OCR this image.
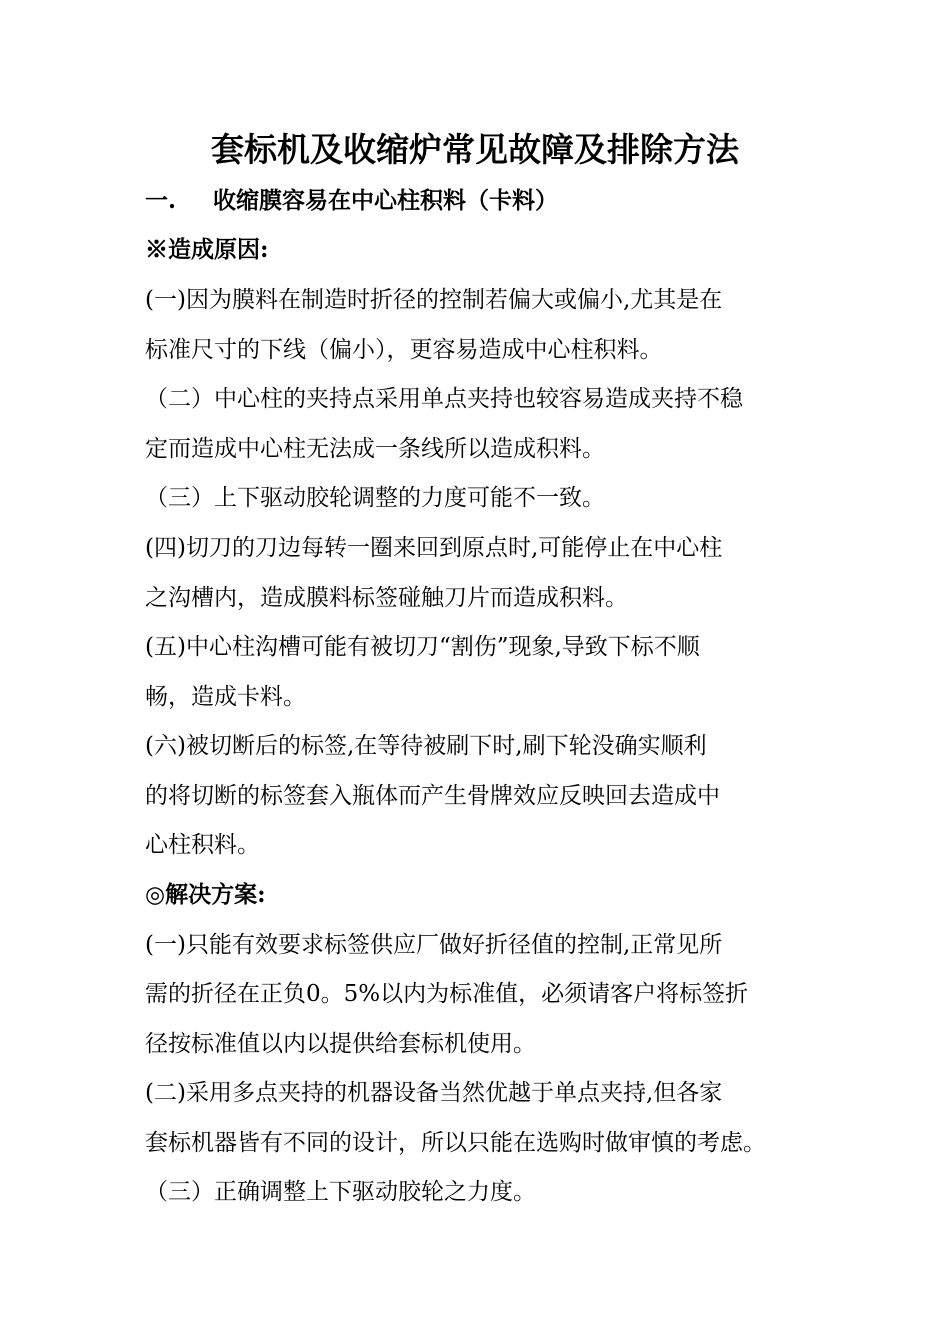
套标机及收缩炉常见故障及排除方法
一. 收缩膜容易在中心柱积料（卡料）
※造成原因:
(一)因为膜料在制造时折径的控制若偏大或偏小,尤其是在
标准尺寸的下线（偏小），更容易造成中心柱积料。
（二）中心柱的夹持点采用单点夹持也较容易造成夹持不稳
定而造成中心柱无法成一条线所以造成积料。
（三）上下驱动胶轮调整的力度可能不一致。
(四)切刀的刀边每转一圈来回到原点时,可能停止在中心柱
之沟槽内，造成膜料标签碰触刀片而造成积料。
(五)中心柱沟槽可能有被切刀“割伤”现象,导致下标不顺
畅，造成卡料。
(六)被切断后的标签,在等待被刷下时,刷下轮没确实顺利
的将切断的标签套入瓶体而产生骨牌效应反映回去造成中
心柱积料。
◎解决方案:
(一)只能有效要求标签供应厂做好折径值的控制,正常见所
需的折径在正负0。5%以内为标准值，必须请客户将标签折
径按标准值以内以提供给套标机使用。
(二)采用多点夹持的机器设备当然优越于单点夹持,但各家
套标机器皆有不同的设计，所以只能在选购时做审慎的考虑。
（三）正确调整上下驱动胶轮之力度。
